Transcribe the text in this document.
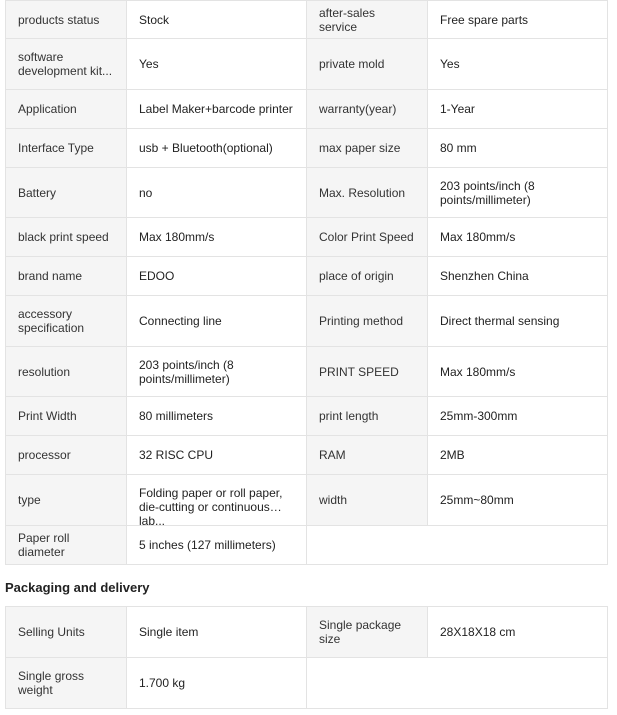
products status	Stock	after-sales service	Free spare parts

software development kit...	Yes	private mold	Yes
Application	Label Maker+barcode printer	warranty(year)	1-Year
Interface Type	usb + Bluetooth(optional)	max paper size	80 mm
Battery	no	Max. Resolution	203 points/inch (8 points/millimeter)
black print speed	Max 180mm/s	Color Print Speed	Max 180mm/s
brand name	EDOO	place of origin	Shenzhen China
accessory specification	Connecting line	Printing method	Direct thermal sensing
resolution	203 points/inch (8 points/millimeter)	PRINT SPEED	Max 180mm/s
Print Width	80 millimeters	print length	25mm-300mm
processor	32 RISC CPU	RAM	2MB
type	Folding paper or roll paper, die-cutting or continuous lab...	width	25mm~80mm
Paper roll diameter	5 inches (127 millimeters)		
Packaging and delivery
Selling Units	Single item	Single package size	28X18X18 cm
Single gross weight	1.700 kg		
